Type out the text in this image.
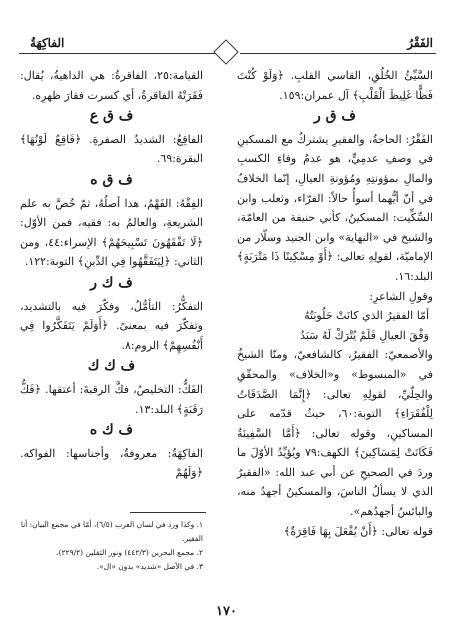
الفَقْرُ
الفاكِهَةُ

السَّيِّئُ الخُلُقِ، القاسي القلبِ. ﴿وَلَوْ كُنْتَ فَظًّا غَلِيظَ الْقَلْبِ﴾ آل عمران:١٥٩.

ف ق ر

الفَقْرُ: الحاجةُ، والفقيرِ يشتركُ مع المسكينِ في وصفِ عدمِيٍّ، هو عدمُ وفاءِ الكسبِ والمالِ بمؤونتِهِ ومُؤونةِ العيالِ، إنّما الخلافُ في أنّ أيُّهما أسوأُ حالاً: الفرّاء، وثعلب وابن السِّكِّيت: المسكينُ، كأبي حنيفة من العامّة، والشيخ في «النهاية» وابن الجنيد وسلّار من الإماميّة، لقولِهِ تعالى: ﴿أَوْ مِسْكِينًا ذَا مَتْرَبَةٍ﴾ البلد:١٦.

وقولِ الشاعرِ:

أمّا الفقيرُ الذي كانَتْ حَلُوبَتُهُ

وَفْقَ العيالِ فَلَمْ يُتْرَكْ لَهُ سَبَدُ

والأصمعيّ: الفقيرُ، كالشافعيّ، ومنّا الشيخُ في «المبسوط» و«الخلاف» والمحقّقِ والحِلّيِّ، لقولِهِ تعالى: ﴿إِنَّمَا الصَّدَقَاتُ لِلْفُقَرَاءِ﴾ التوبة:٦٠، حيثُ قدّمه على المساكينِ، وقوله تعالى: ﴿أَمَّا السَّفِينَةُ فَكَانَتْ لِمَسَاكِينَ﴾ الكهف:٧٩ ويُؤيِّدُ الأوّلَ ما وردَ في الصحيحِ عن أبي عبد الله: «الفقيرُ الذي لا يسألُ الناسَ، والمسكينُ أجهدُ منه، والبائسُ أجهدُهم».

قوله تعالى: ﴿أَنْ يُفْعَلَ بِهَا فَاقِرَةٌ﴾

القيامة:٢٥، الفاقرةُ: هي الداهيةُ، يُقال: فَقَرَتْهُ الفاقرةُ، أي كسرت فقارَ ظهرِه.

ف ق ع

الفاقِعُ: الشديدُ الصفرةِ. ﴿فَاقِعٌ لَوْنُهَا﴾ البقرة:٦٩.

ف ق ه

الفِقْهُ: الفَهْمُ، هذا أصلُهُ، ثمّ خُصَّ به علم الشريعةِ، والعالمُ به: فقيه، فمن الأوّل: ﴿لَا تَفْقَهُونَ تَسْبِيحَهُمْ﴾ الإسراء:٤٤، ومن الثاني: ﴿لِيَتَفَقَّهُوا فِي الدِّينِ﴾ التوبة:١٢٢.

ف ك ر

التفكُّرُ: التأمُّلُ، وفكّرَ فيه بالتشديد، وتفكّرَ فيه بمعنىً. ﴿أَوَلَمْ يَتَفَكَّرُوا فِي أَنْفُسِهِمْ﴾ الروم:٨.

ف ك ك

الفَكُّ: التخليصُ، فكَّ الرقبةَ: أعتقها. ﴿فَكُّ رَقَبَةٍ﴾ البلد:١٣.

ف ك ه

الفاكِهَةُ: معروفةٌ، وأجناسها: الفواكه. ﴿وَلَهُمْ

١. وكذا ورد في لسان العرب (٦/٥)، أمّا في مجمع البيان: أنا الفقير.

٢. مجمع البحرين (٤٤٢/٣) ونور الثقلين (٢٢٩/٢).

٣. في الأصل «شديد» بدون «ال».

١٧٠
